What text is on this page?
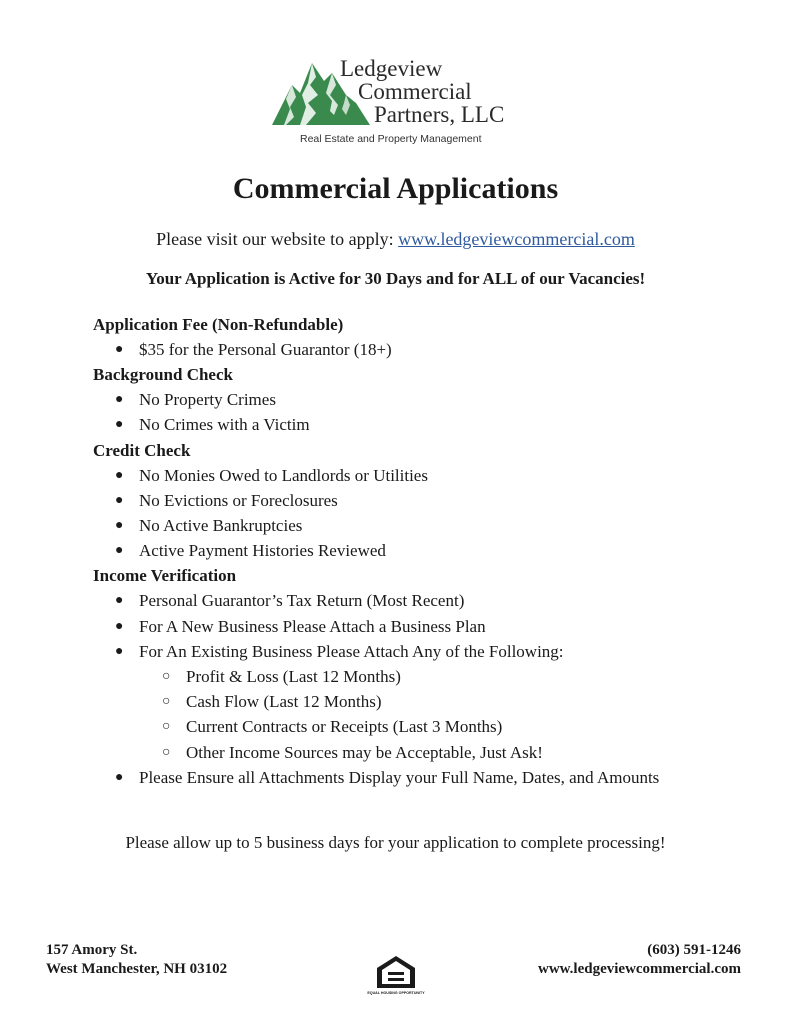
Ledgeview
Commercial
Partners, LLC
Real Estate and Property Management
Commercial Applications
Please visit our website to apply: www.ledgeviewcommercial.com
Your Application is Active for 30 Days and for ALL of our Vacancies!
Application Fee (Non-Refundable)
● $35 for the Personal Guarantor (18+)
Background Check
● No Property Crimes
● No Crimes with a Victim
Credit Check
● No Monies Owed to Landlords or Utilities
● No Evictions or Foreclosures
● No Active Bankruptcies
● Active Payment Histories Reviewed
Income Verification
● Personal Guarantor’s Tax Return (Most Recent)
● For A New Business Please Attach a Business Plan
● For An Existing Business Please Attach Any of the Following:
○ Profit & Loss (Last 12 Months)
○ Cash Flow (Last 12 Months)
○ Current Contracts or Receipts (Last 3 Months)
○ Other Income Sources may be Acceptable, Just Ask!
● Please Ensure all Attachments Display your Full Name, Dates, and Amounts
Please allow up to 5 business days for your application to complete processing!
157 Amory St.
West Manchester, NH 03102
EQUAL HOUSING OPPORTUNITY
(603) 591-1246
www.ledgeviewcommercial.com
